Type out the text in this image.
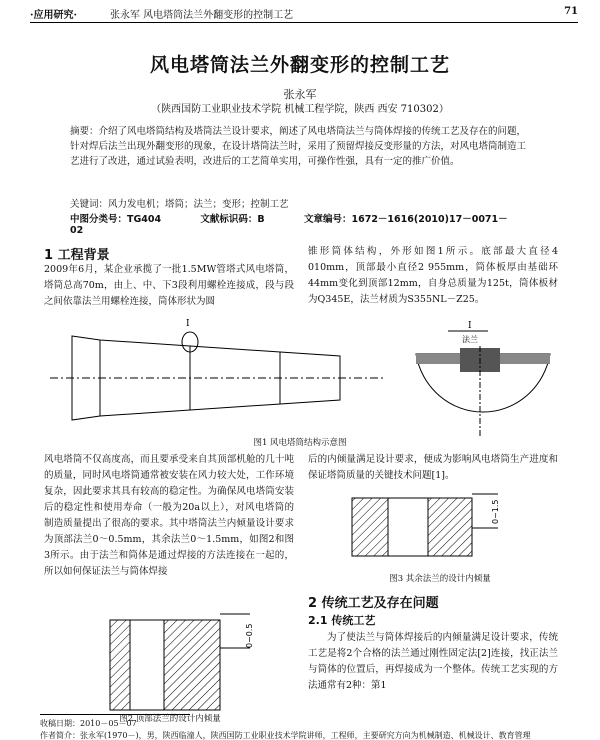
·应用研究·	张永军 风电塔筒法兰外翻变形的控制工艺	71
风电塔筒法兰外翻变形的控制工艺
张永军
（陕西国防工业职业技术学院 机械工程学院，陕西 西安 710302）
摘要：介绍了风电塔筒结构及塔筒法兰设计要求，阐述了风电塔筒法兰与筒体焊接的传统工艺及存在的问题，针对焊后法兰出现外翻变形的现象，在设计塔筒法兰时，采用了预留焊接反变形量的方法，对风电塔筒制造工艺进行了改进，通过试验表明，改进后的工艺简单实用，可操作性强，具有一定的推广价值。
关键词：风力发电机；塔筒；法兰；变形；控制工艺
中图分类号：TG404	文献标识码：B	文章编号：1672－1616(2010)17－0071－02
1 工程背景
2009年6月，某企业承揽了一批1.5MW管塔式风电塔筒，塔筒总高70m，由上、中、下3段利用螺栓连接成，段与段之间依靠法兰用螺栓连接，筒体形状为圆
锥形筒体结构，外形如图1所示。底部最大直径4 010mm，顶部最小直径2 955mm，筒体板厚由基础环44mm变化到顶部12mm，自身总质量为125t，筒体板材为Q345E，法兰材质为S355NL－Z25。
I	I
法兰
图1 风电塔筒结构示意图
风电塔筒不仅高度高，而且要承受来自其顶部机舱的几十吨的质量，同时风电塔筒通常被安装在风力较大处，工作环境复杂，因此要求其具有较高的稳定性。为确保风电塔筒安装后的稳定性和使用寿命（一般为20a以上），对风电塔筒的制造质量提出了很高的要求。其中塔筒法兰内倾量设计要求为顶部法兰0～0.5mm，其余法兰0～1.5mm，如图2和图3所示。由于法兰和筒体是通过焊接的方法连接在一起的，所以如何保证法兰与筒体焊接
后的内倾量满足设计要求，便成为影响风电塔筒生产进度和保证塔筒质量的关键技术问题[1]。
0~1.5
图3 其余法兰的设计内倾量
0~0.5
图2 顶部法兰的设计内倾量
2 传统工艺及存在问题
2.1 传统工艺
为了使法兰与筒体焊接后的内倾量满足设计要求，传统工艺是将2个合格的法兰通过刚性固定法[2]连接，找正法兰与筒体的位置后，再焊接成为一个整体。传统工艺实现的方法通常有2种：第1
收稿日期：2010－05－07
作者简介：张永军(1970－)，男，陕西临潼人，陕西国防工业职业技术学院讲师，工程师，主要研究方向为机械制造、机械设计、教育管理
